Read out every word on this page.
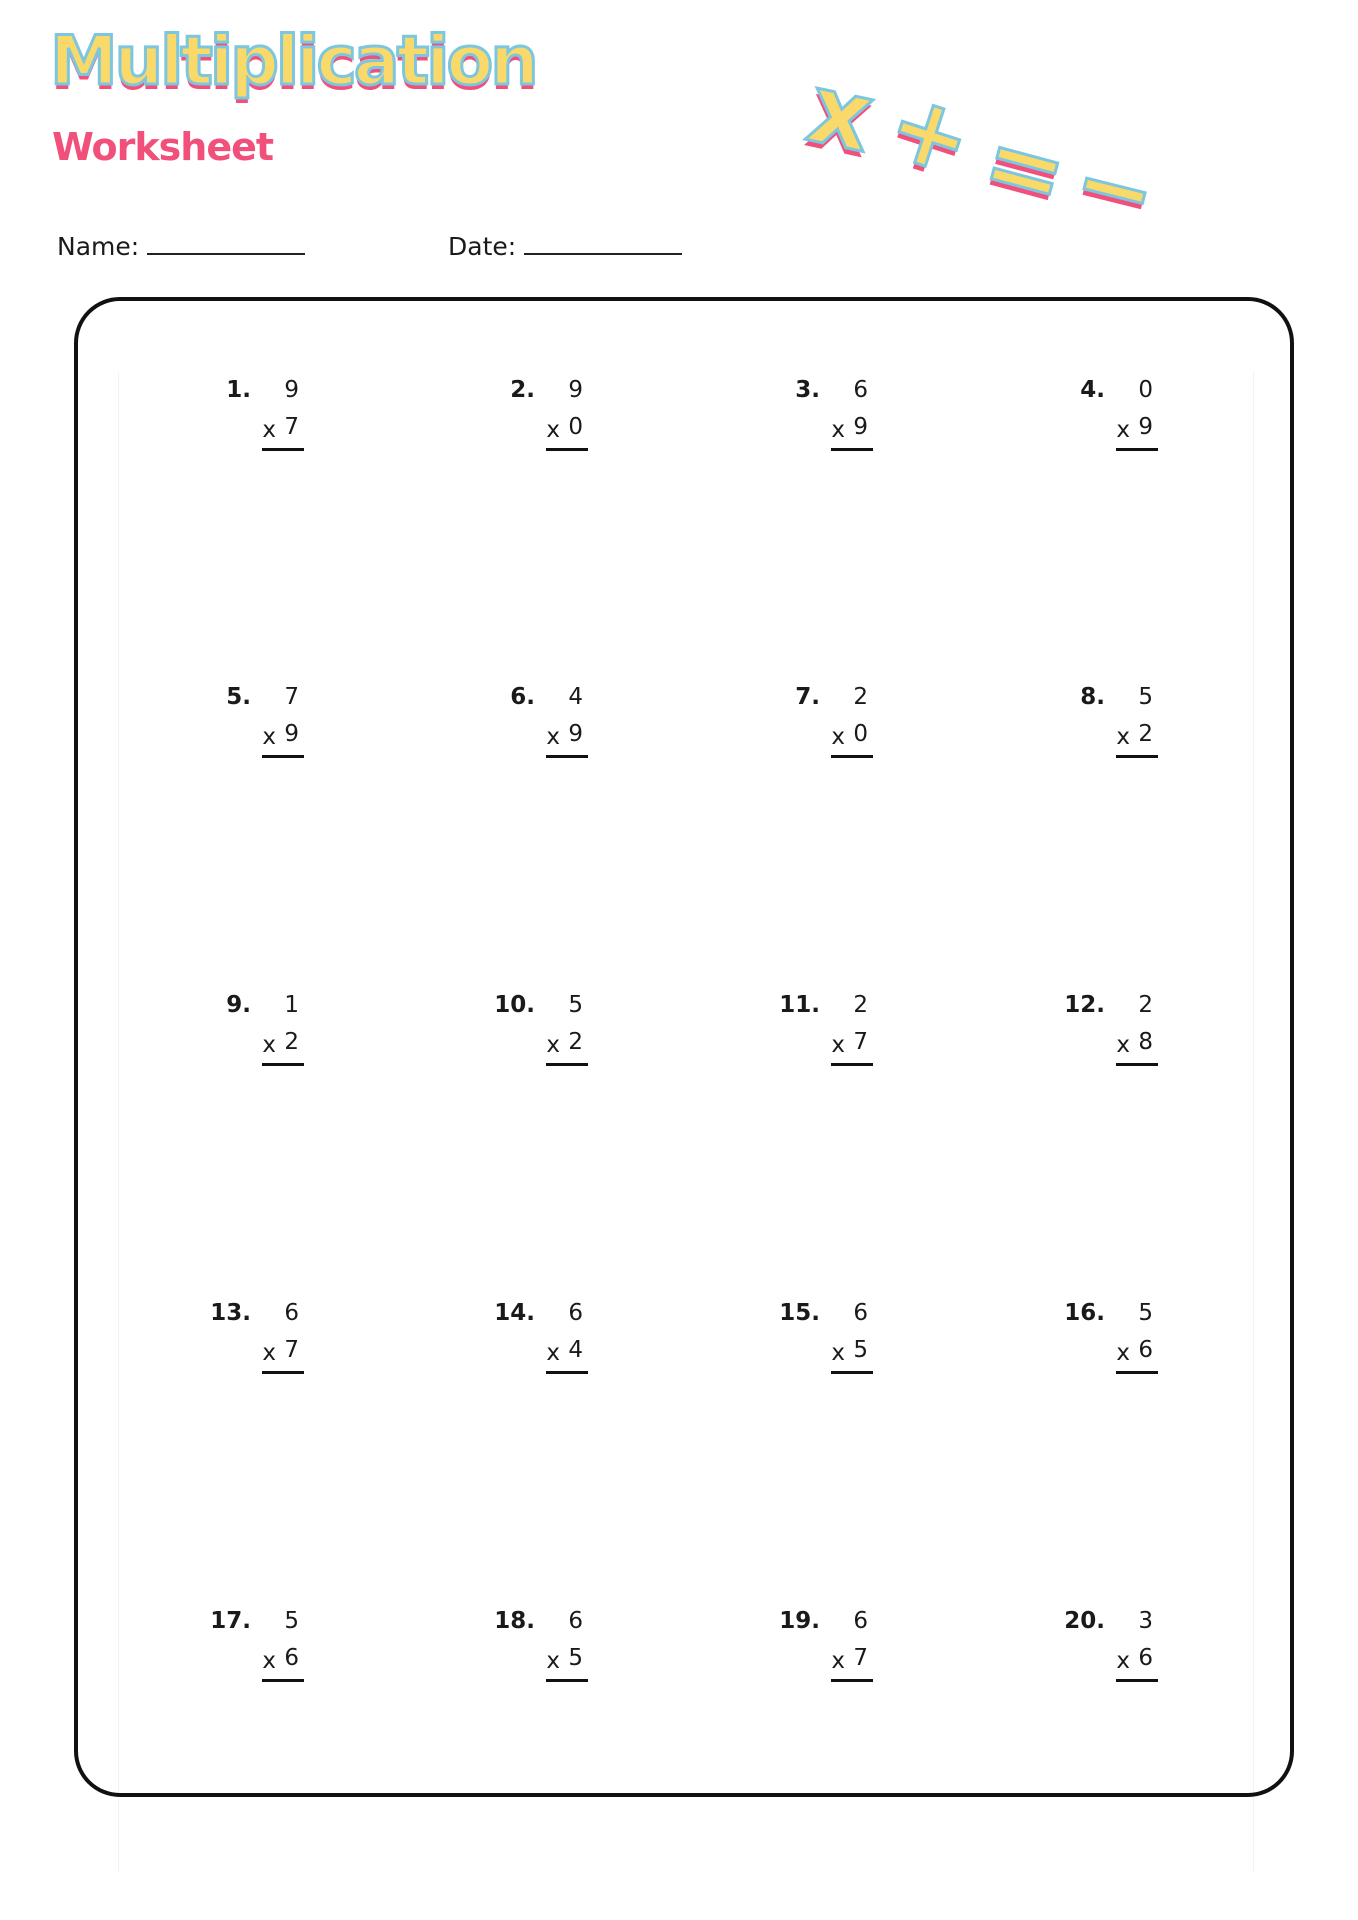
Multiplication
Worksheet	x
+
=
−
Name:	Date:
1.	9
x 7
2.	9
x 0
3.	6
x 9
4.	0
x 9
5.	7
x 9
6.	4
x 9
7.	2
x 0
8.	5
x 2
9.	1
x 2
10.	5
x 2
11.	2
x 7
12.	2
x 8
13.	6
x 7
14.	6
x 4
15.	6
x 5
16.	5
x 6
17.	5
x 6
18.	6
x 5
19.	6
x 7
20.	3
x 6
